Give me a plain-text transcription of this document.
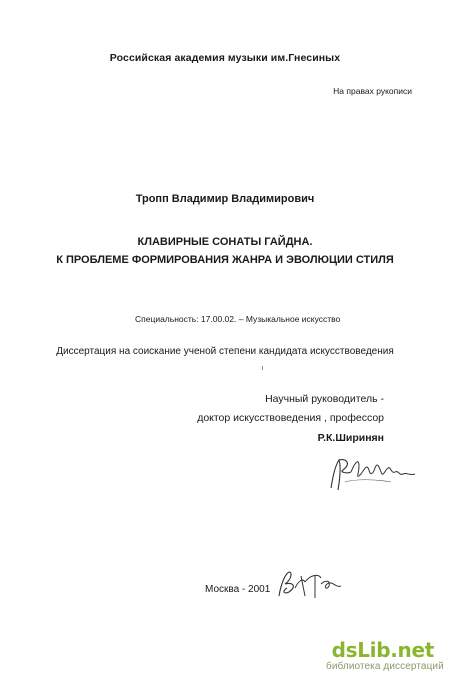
Российская академия музыки им.Гнесиных
На правах рукописи
Тропп Владимир Владимирович
КЛАВИРНЫЕ СОНАТЫ ГАЙДНА.
К ПРОБЛЕМЕ ФОРМИРОВАНИЯ ЖАНРА И ЭВОЛЮЦИИ СТИЛЯ
Специальность: 17.00.02. – Музыкальное искусство
Диссертация на соискание ученой степени кандидата искусствоведения
Научный руководитель -
доктор искусствоведения , профессор
Р.К.Ширинян
Москва - 2001
dsLib.net
библиотека диссертаций
